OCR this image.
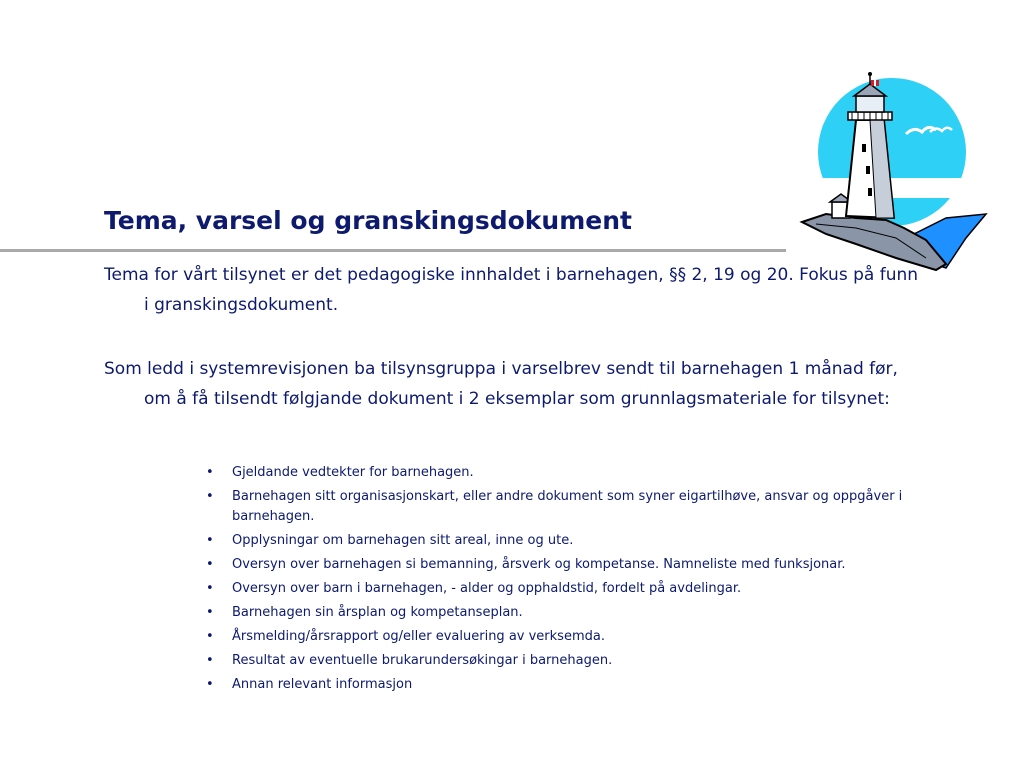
Tema, varsel og granskingsdokument

Tema for vårt tilsynet er det pedagogiske innhaldet i barnehagen, §§ 2, 19 og 20. Fokus på funn i granskingsdokument.

Som ledd i systemrevisjonen ba tilsynsgruppa i varselbrev sendt til barnehagen 1 månad før, om å få tilsendt følgjande dokument i 2 eksemplar som grunnlagsmateriale for tilsynet:

• Gjeldande vedtekter for barnehagen.
• Barnehagen sitt organisasjonskart, eller andre dokument som syner eigartilhøve, ansvar og oppgåver i barnehagen.
• Opplysningar om barnehagen sitt areal, inne og ute.
• Oversyn over barnehagen si bemanning, årsverk og kompetanse. Namneliste med funksjonar.
• Oversyn over barn i barnehagen, - alder og opphaldstid, fordelt på avdelingar.
• Barnehagen sin årsplan og kompetanseplan.
• Årsmelding/årsrapport og/eller evaluering av verksemda.
• Resultat av eventuelle brukarundersøkingar i barnehagen.
• Annan relevant informasjon
